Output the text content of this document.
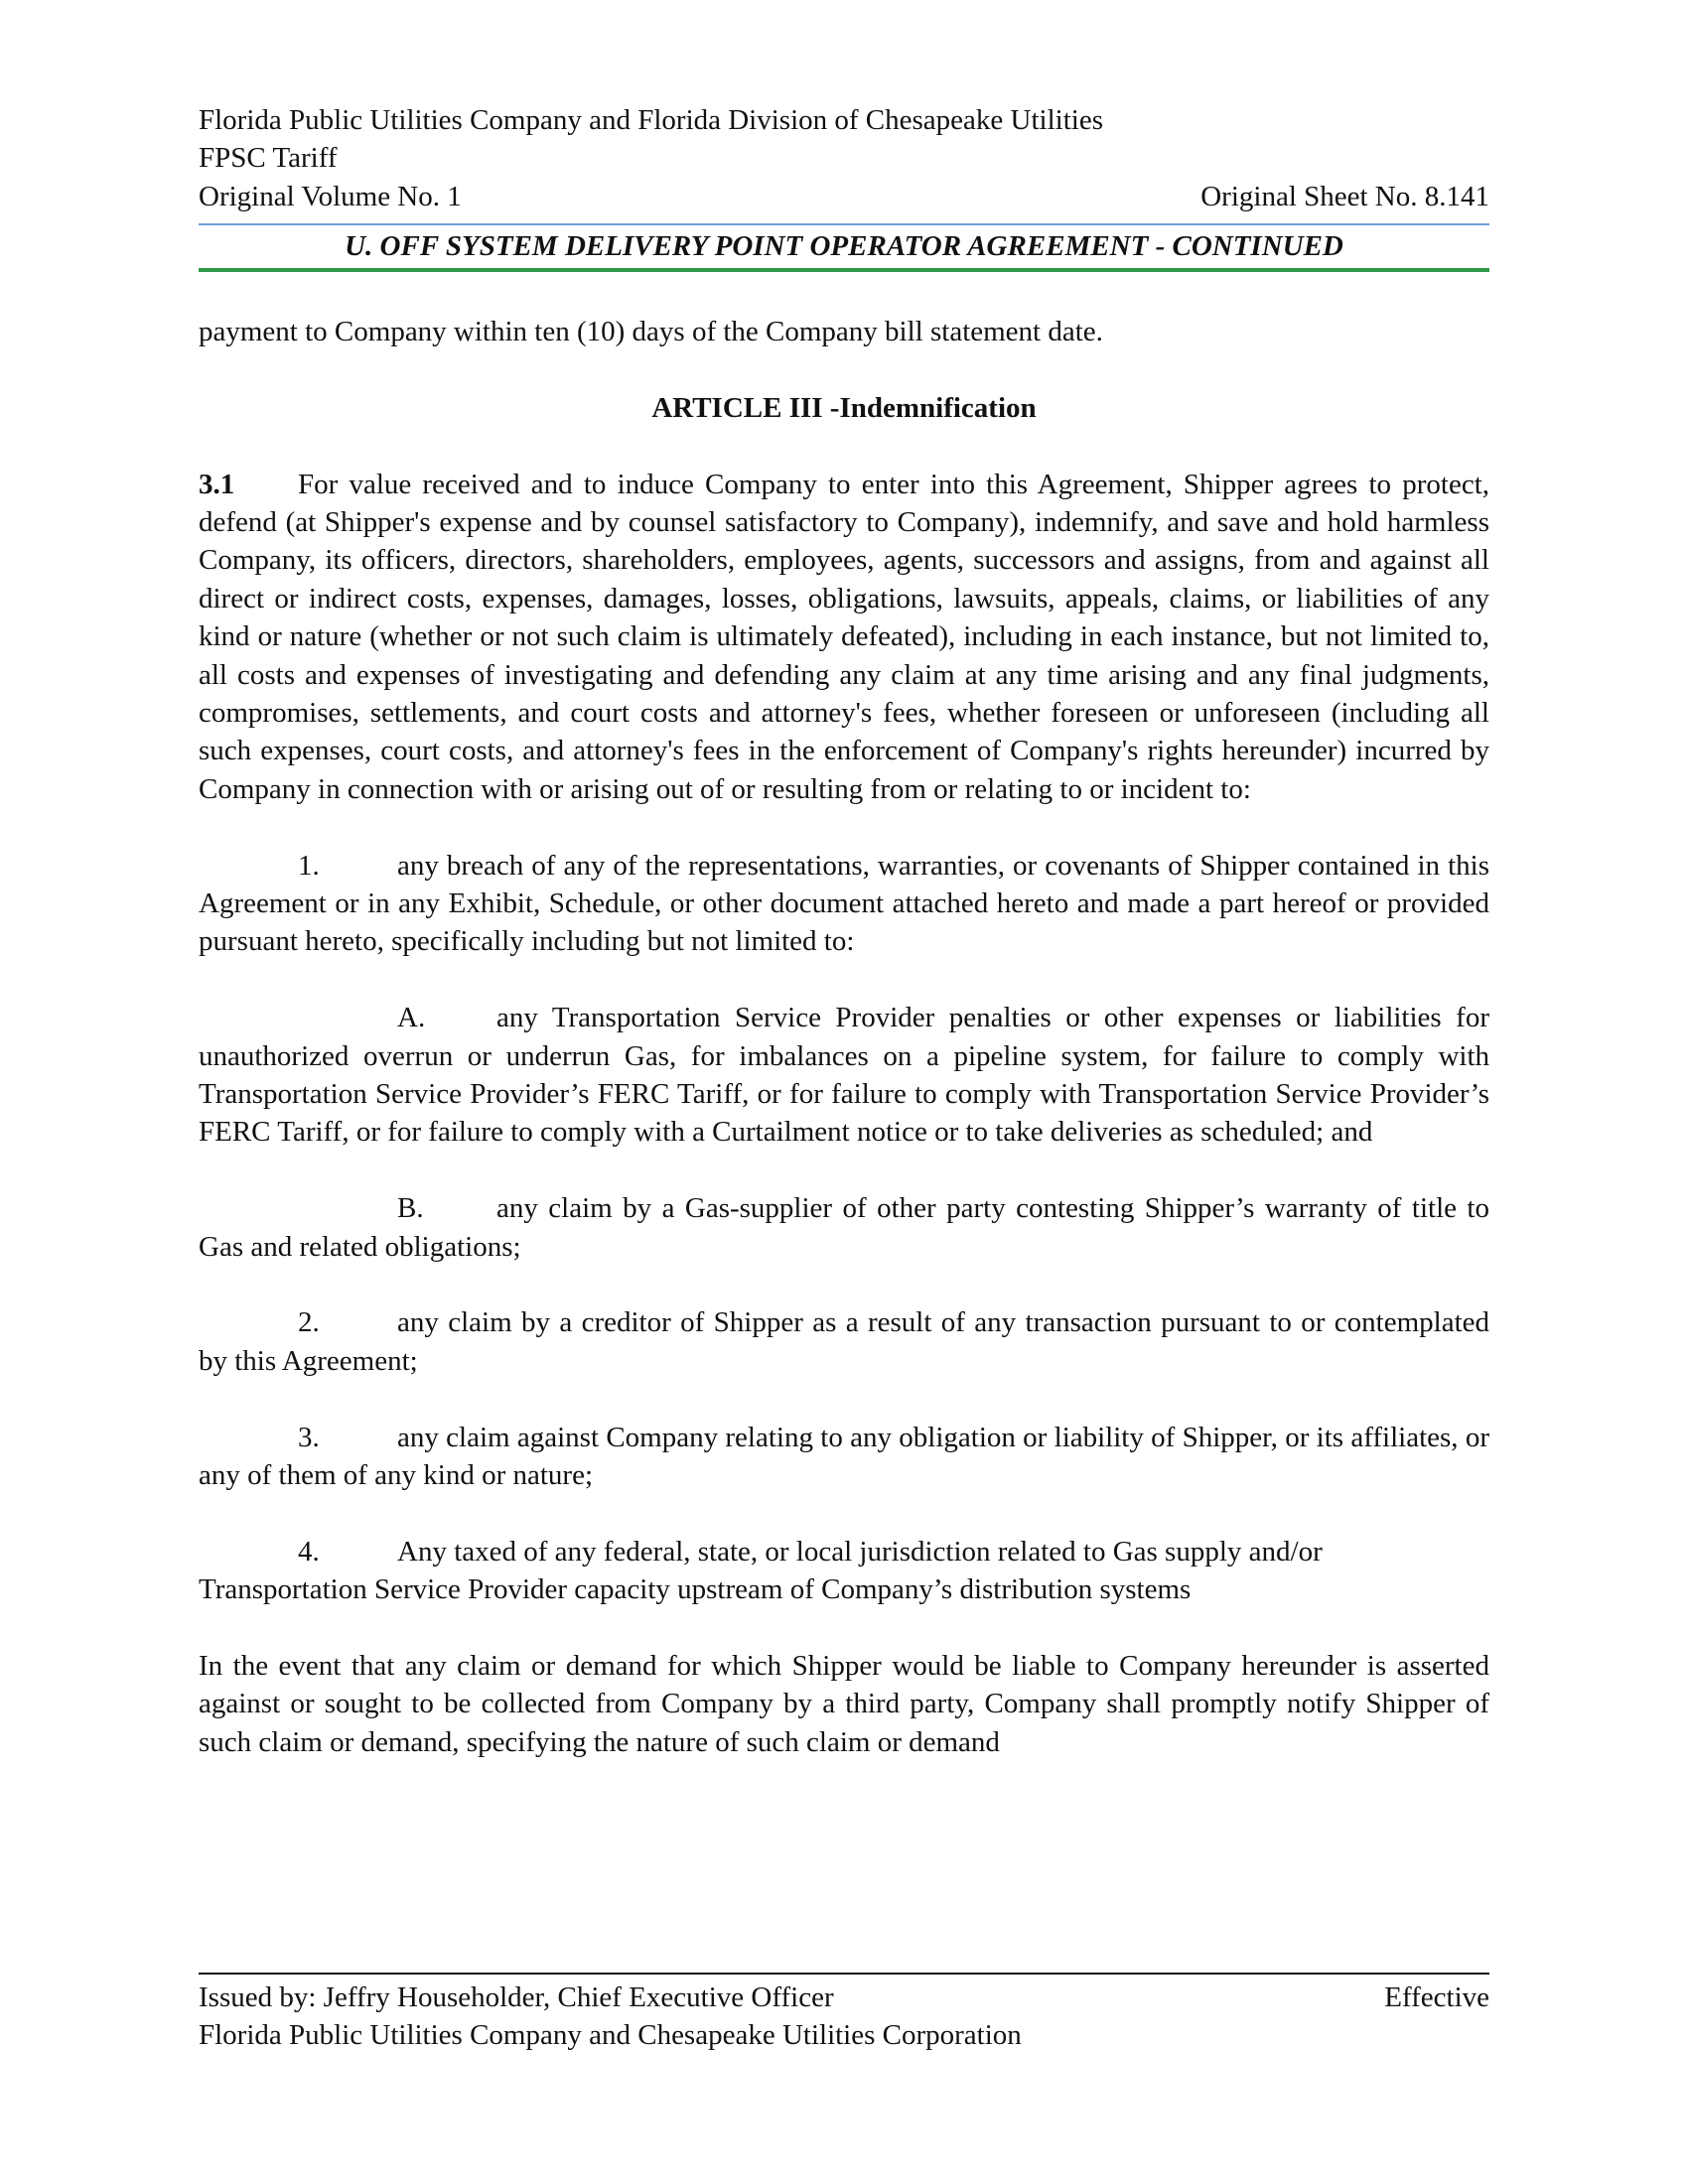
Florida Public Utilities Company and Florida Division of Chesapeake Utilities
FPSC Tariff
Original Volume No. 1	Original Sheet No. 8.141
U. OFF SYSTEM DELIVERY POINT OPERATOR AGREEMENT - CONTINUED

payment to Company within ten (10) days of the Company bill statement date.

ARTICLE III -Indemnification

3.1 For value received and to induce Company to enter into this Agreement, Shipper agrees to protect, defend (at Shipper's expense and by counsel satisfactory to Company), indemnify, and save and hold harmless Company, its officers, directors, shareholders, employees, agents, successors and assigns, from and against all direct or indirect costs, expenses, damages, losses, obligations, lawsuits, appeals, claims, or liabilities of any kind or nature (whether or not such claim is ultimately defeated), including in each instance, but not limited to, all costs and expenses of investigating and defending any claim at any time arising and any final judgments, compromises, settlements, and court costs and attorney's fees, whether foreseen or unforeseen (including all such expenses, court costs, and attorney's fees in the enforcement of Company's rights hereunder) incurred by Company in connection with or arising out of or resulting from or relating to or incident to:

1.	any breach of any of the representations, warranties, or covenants of Shipper contained in this Agreement or in any Exhibit, Schedule, or other document attached hereto and made a part hereof or provided pursuant hereto, specifically including but not limited to:

A. any Transportation Service Provider penalties or other expenses or liabilities for unauthorized overrun or underrun Gas, for imbalances on a pipeline system, for failure to comply with Transportation Service Provider’s FERC Tariff, or for failure to comply with Transportation Service Provider’s FERC Tariff, or for failure to comply with a Curtailment notice or to take deliveries as scheduled; and

B.	any claim by a Gas-supplier of other party contesting Shipper’s warranty of title to Gas and related obligations;

2.	any claim by a creditor of Shipper as a result of any transaction pursuant to or contemplated by this Agreement;

3.	any claim against Company relating to any obligation or liability of Shipper, or its affiliates, or any of them of any kind or nature;

4.	Any taxed of any federal, state, or local jurisdiction related to Gas supply and/or Transportation Service Provider capacity upstream of Company’s distribution systems

In the event that any claim or demand for which Shipper would be liable to Company hereunder is asserted against or sought to be collected from Company by a third party, Company shall promptly notify Shipper of such claim or demand, specifying the nature of such claim or demand

Issued by: Jeffry Householder, Chief Executive Officer	Effective
Florida Public Utilities Company and Chesapeake Utilities Corporation
